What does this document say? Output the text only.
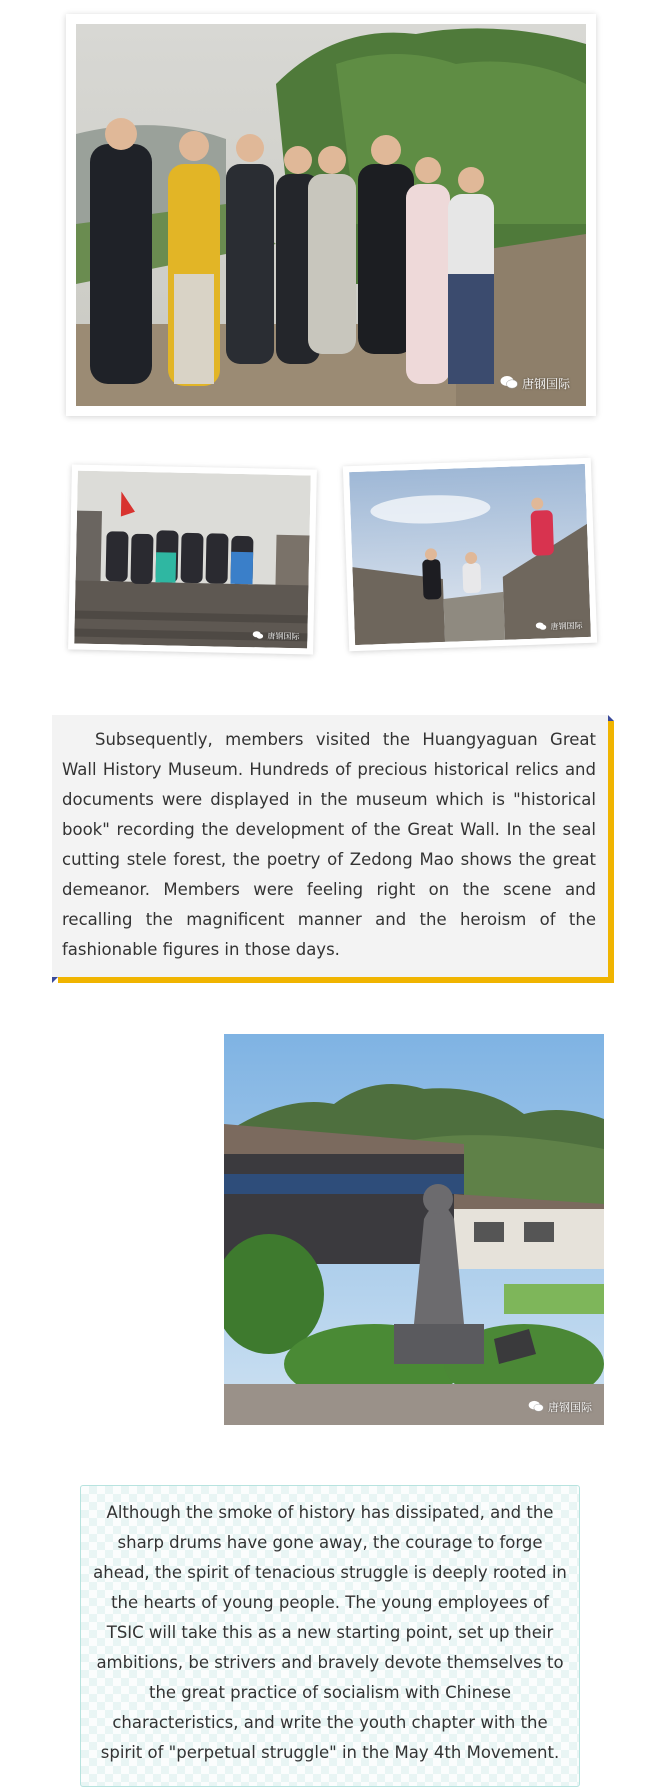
唐钢国际
唐钢国际
唐钢国际

Subsequently, members visited the Huangyaguan Great Wall History Museum. Hundreds of precious historical relics and documents were displayed in the museum which is "historical book" recording the development of the Great Wall. In the seal cutting stele forest, the poetry of Zedong Mao shows the great demeanor. Members were feeling right on the scene and recalling the magnificent manner and the heroism of the fashionable figures in those days.

唐钢国际

Although the smoke of history has dissipated, and the sharp drums have gone away, the courage to forge ahead, the spirit of tenacious struggle is deeply rooted in the hearts of young people. The young employees of TSIC will take this as a new starting point, set up their ambitions, be strivers and bravely devote themselves to the great practice of socialism with Chinese characteristics, and write the youth chapter with the spirit of "perpetual struggle" in the May 4th Movement.
